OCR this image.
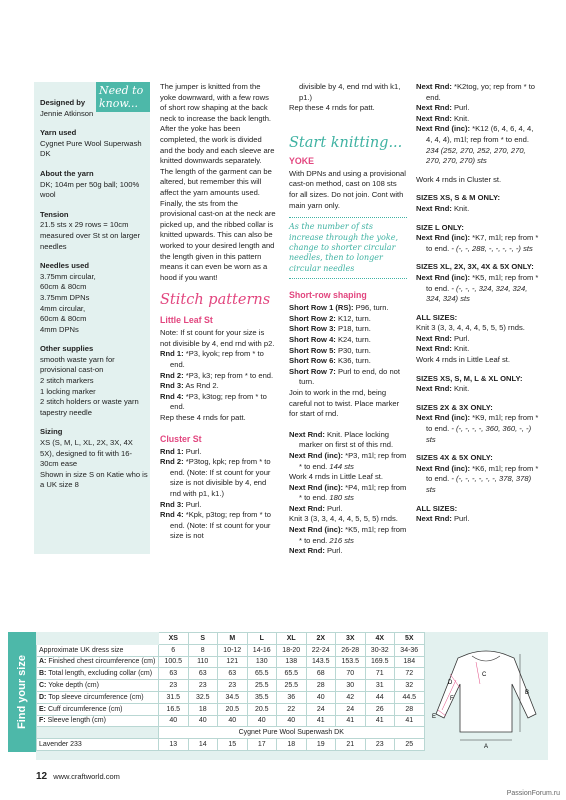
Need to know...
Designed by
Jennie Atkinson
Yarn used
Cygnet Pure Wool Superwash DK
About the yarn
DK; 104m per 50g ball; 100% wool
Tension
21.5 sts x 29 rows = 10cm measured over St st on larger needles
Needles used
3.75mm circular,
60cm & 80cm
3.75mm DPNs
4mm circular,
60cm & 80cm
4mm DPNs
Other supplies
smooth waste yarn for provisional cast-on
2 stitch markers
1 locking marker
2 stitch holders or waste yarn
tapestry needle
Sizing
XS (S, M, L, XL, 2X, 3X, 4X 5X), designed to fit with 16-30cm ease
Shown in size S on Katie who is a UK size 8

The jumper is knitted from the yoke downward, with a few rows of short row shaping at the back neck to increase the back length. After the yoke has been completed, the work is divided and the body and each sleeve are knitted downwards separately. The length of the garment can be altered, but remember this will affect the yarn amounts used. Finally, the sts from the provisional cast-on at the neck are picked up, and the ribbed collar is knitted upwards. This can also be worked to your desired length and the length given in this pattern means it can even be worn as a hood if you want!

Stitch patterns
Little Leaf St
Note: If st count for your size is not divisible by 4, end rnd with p2.
Rnd 1: *P3, kyok; rep from * to end.
Rnd 2: *P3, k3; rep from * to end.
Rnd 3: As Rnd 2.
Rnd 4: *P3, k3tog; rep from * to end.
Rep these 4 rnds for patt.
Cluster St
Rnd 1: Purl.
Rnd 2: *P3tog, kpk; rep from * to end. (Note: If st count for your size is not divisible by 4, end rnd with p1, k1.)
Rnd 3: Purl.
Rnd 4: *Kpk, p3tog; rep from * to end. (Note: If st count for your size is not
divisible by 4, end rnd with k1, p1.)
Rep these 4 rnds for patt.
Start knitting...
YOKE
With DPNs and using a provisional cast-on method, cast on 108 sts for all sizes. Do not join. Cont with main yarn only.
As the number of sts increase through the yoke, change to shorter circular needles, then to longer circular needles
Short-row shaping
Short Row 1 (RS): P96, turn.
Short Row 2: K12, turn.
Short Row 3: P18, turn.
Short Row 4: K24, turn.
Short Row 5: P30, turn.
Short Row 6: K36, turn.
Short Row 7: Purl to end, do not turn.
Join to work in the rnd, being careful not to twist. Place marker for start of rnd.
Next Rnd: Knit. Place locking marker on first st of this rnd.
Next Rnd (inc): *P3, m1l; rep from * to end. 144 sts
Work 4 rnds in Little Leaf st.
Next Rnd (inc): *P4, m1l; rep from * to end. 180 sts
Next Rnd: Purl.
Knit 3 (3, 3, 4, 4, 4, 5, 5, 5) rnds.
Next Rnd (inc): *K5, m1l; rep from * to end. 216 sts
Next Rnd: Purl.
Next Rnd: *K2tog, yo; rep from * to end.
Next Rnd: Purl.
Next Rnd: Knit.
Next Rnd (inc): *K12 (6, 4, 6, 4, 4, 4, 4, 4), m1l; rep from * to end. 234 (252, 270, 252, 270, 270, 270, 270, 270) sts
Work 4 rnds in Cluster st.
SIZES XS, S & M ONLY:
Next Rnd: Knit.
SIZE L ONLY:
Next Rnd (inc): *K7, m1l; rep from * to end. - (-, -, 288, -, -, -, -, -) sts
SIZES XL, 2X, 3X, 4X & 5X ONLY:
Next Rnd (inc): *K5, m1l; rep from * to end. - (-, -, -, 324, 324, 324, 324, 324) sts
ALL SIZES:
Knit 3 (3, 3, 4, 4, 4, 5, 5, 5) rnds.
Next Rnd: Purl.
Next Rnd: Knit.
Work 4 rnds in Little Leaf st.
SIZES XS, S, M, L & XL ONLY:
Next Rnd: Knit.
SIZES 2X & 3X ONLY:
Next Rnd (inc): *K9, m1l; rep from * to end. - (-, -, -, -, 360, 360, -, -) sts
SIZES 4X & 5X ONLY:
Next Rnd (inc): *K6, m1l; rep from * to end. - (-, -, -, -, -, -, 378, 378) sts
ALL SIZES:
Next Rnd: Purl.
Find your size
	XS	S	M	L	XL	2X	3X	4X	5X
Approximate UK dress size	6	8	10-12	14-16	18-20	22-24	26-28	30-32	34-36
A: Finished chest circumference (cm)	100.5	110	121	130	138	143.5	153.5	169.5	184
B: Total length, excluding collar (cm)	63	63	63	65.5	65.5	68	70	71	72
C: Yoke depth (cm)	23	23	23	25.5	25.5	28	30	31	32
D: Top sleeve circumference (cm)	31.5	32.5	34.5	35.5	36	40	42	44	44.5
E: Cuff circumference (cm)	16.5	18	20.5	20.5	22	24	24	26	28
F: Sleeve length (cm)	40	40	40	40	40	41	41	41	41
	Cygnet Pure Wool Superwash DK								
Lavender 233	13	14	15	17	18	19	21	23	25	A
B
C
D
E
F
12 www.craftworld.com
PassionForum.ru
